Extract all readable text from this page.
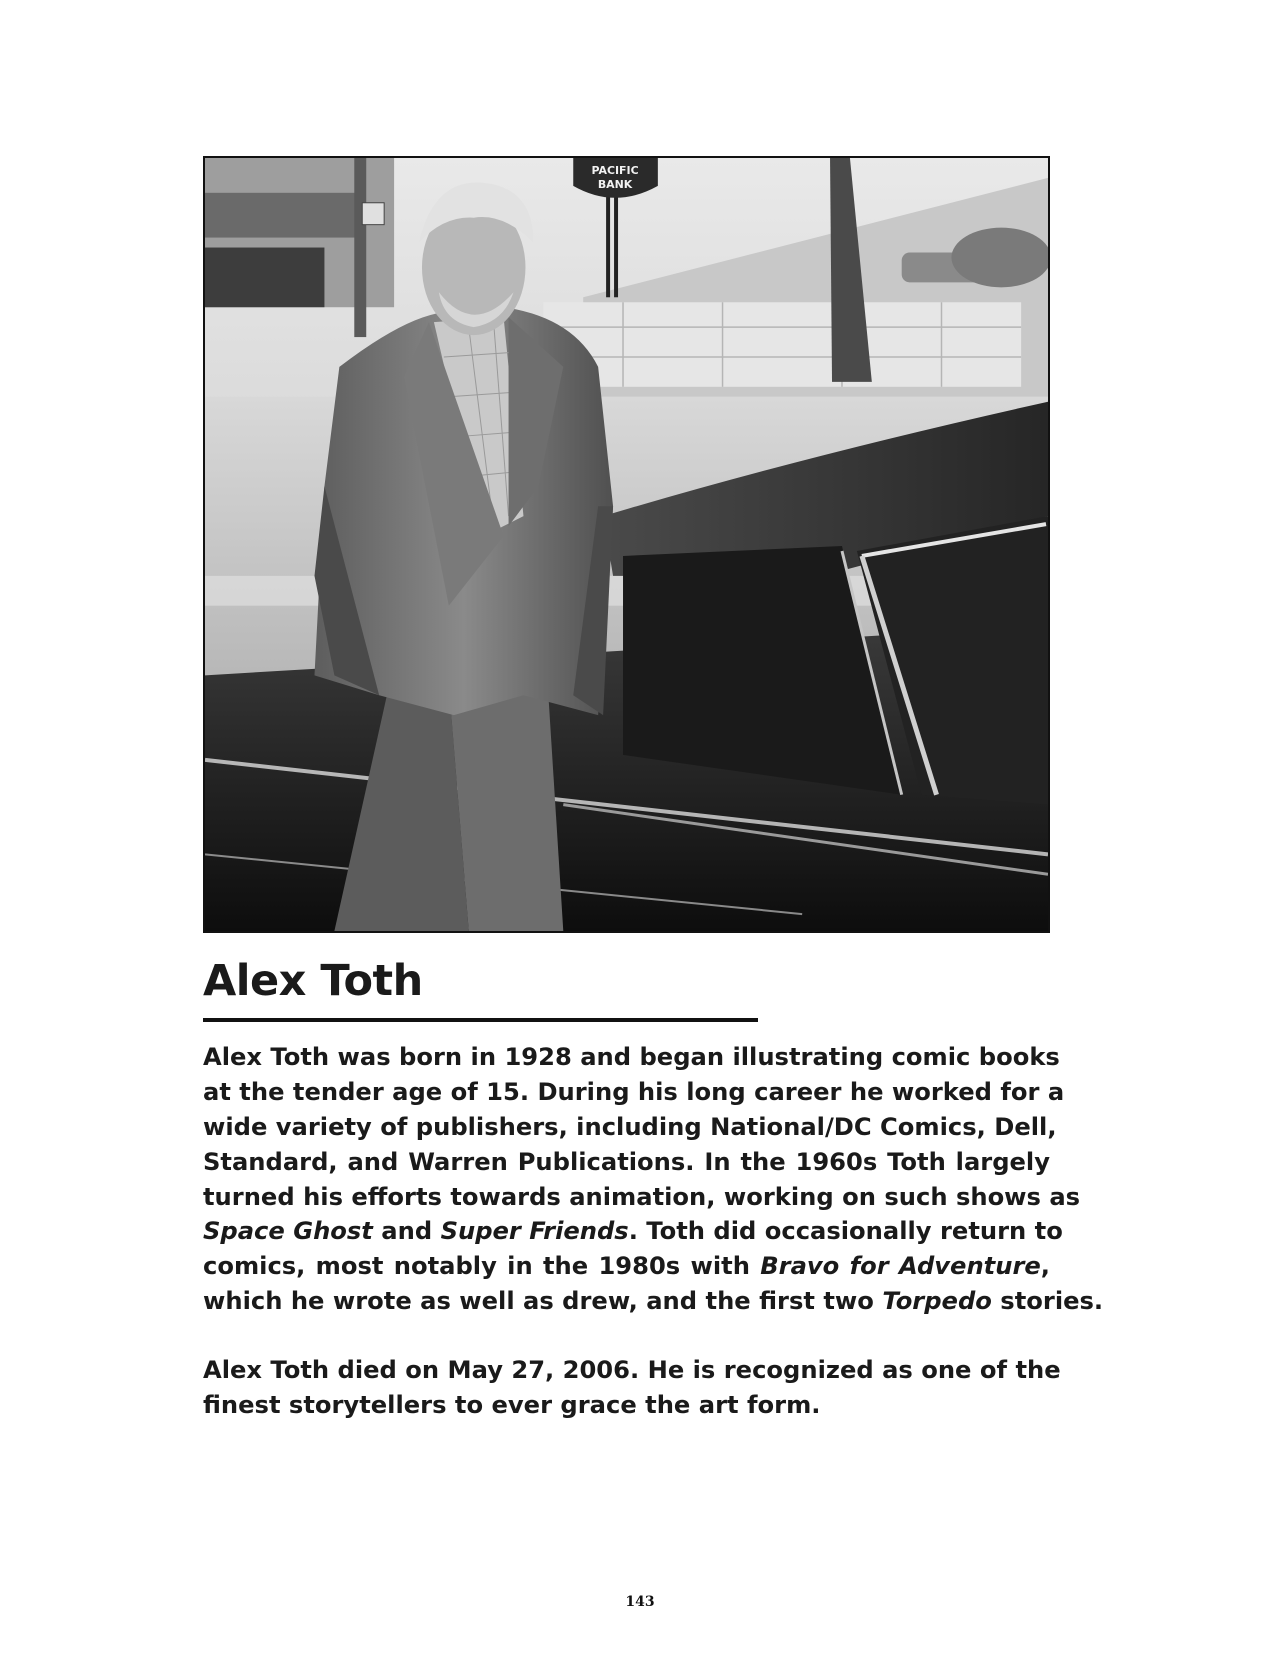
PACIFIC
BANK
Alex Toth
Alex Toth was born in 1928 and began illustrating comic books
at the tender age of 15. During his long career he worked for a
wide variety of publishers, including National/DC Comics, Dell,
Standard, and Warren Publications. In the 1960s Toth largely
turned his efforts towards animation, working on such shows as
Space Ghost and Super Friends. Toth did occasionally return to
comics, most notably in the 1980s with Bravo for Adventure,
which he wrote as well as drew, and the first two Torpedo stories.
Alex Toth died on May 27, 2006. He is recognized as one of the
finest storytellers to ever grace the art form.
143
